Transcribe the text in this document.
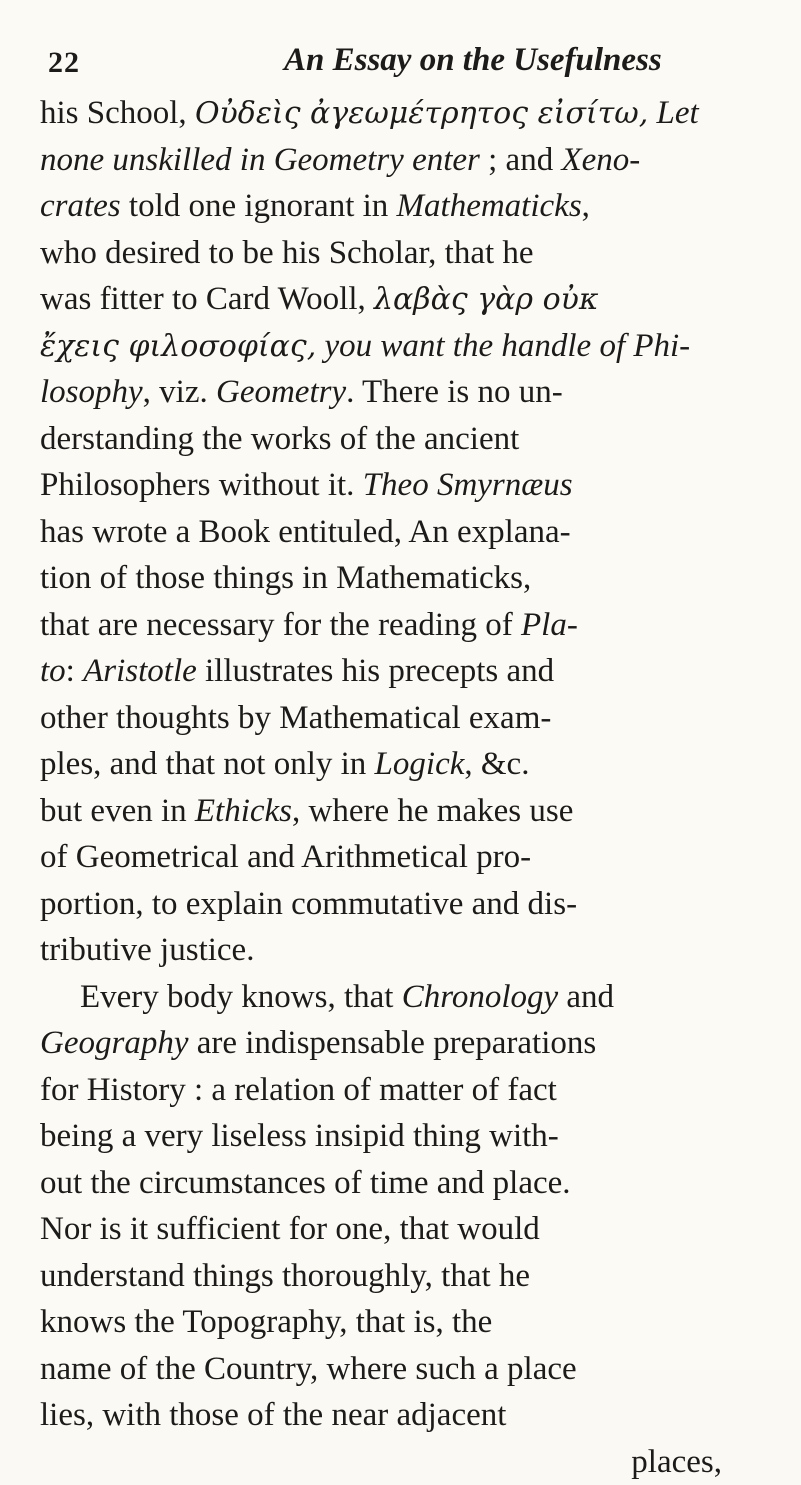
22	An Essay on the Usefulness
his School, Οὐδεὶς ἀγεωμέτρητος εἰσίτω, Let
none unskilled in Geometry enter ; and Xeno-
crates told one ignorant in Mathematicks,
who desired to be his Scholar, that he
was fitter to Card Wooll, λαβὰς γὰρ οὐκ
ἔχεις φιλοσοφίας, you want the handle of Phi-
losophy, viz. Geometry. There is no un-
derstanding the works of the ancient
Philosophers without it. Theo Smyrnæus
has wrote a Book entituled, An explana-
tion of those things in Mathematicks,
that are necessary for the reading of Pla-
to: Aristotle illustrates his precepts and
other thoughts by Mathematical exam-
ples, and that not only in Logick, &c.
but even in Ethicks, where he makes use
of Geometrical and Arithmetical pro-
portion, to explain commutative and dis-
tributive justice.
Every body knows, that Chronology and
Geography are indispensable preparations
for History : a relation of matter of fact
being a very liseless insipid thing with-
out the circumstances of time and place.
Nor is it sufficient for one, that would
understand things thoroughly, that he
knows the Topography, that is, the
name of the Country, where such a place
lies, with those of the near adjacent
places,
